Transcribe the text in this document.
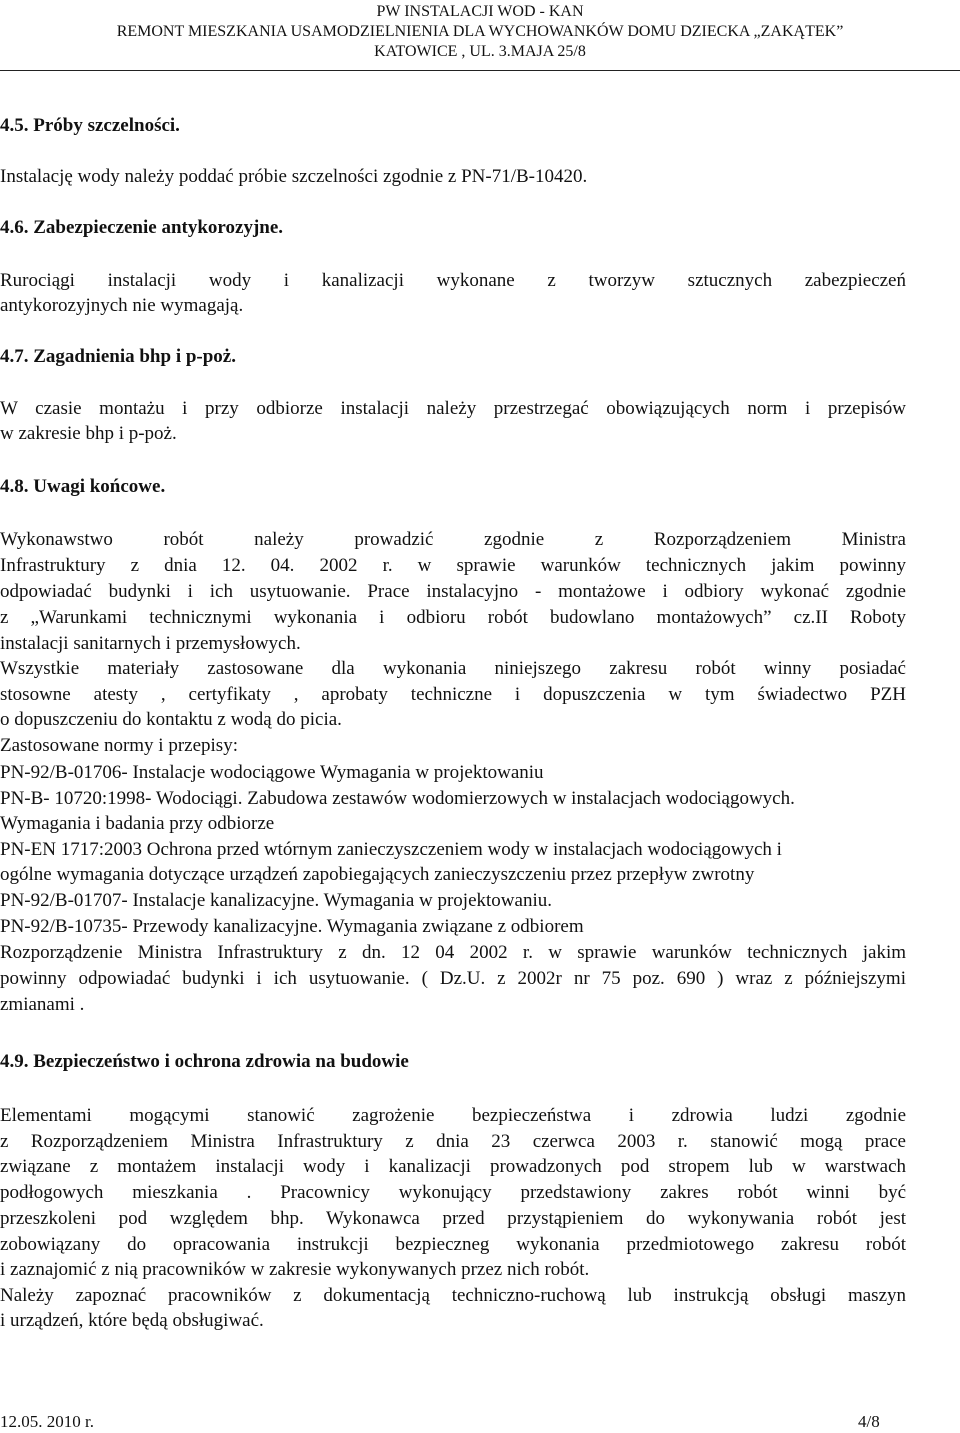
PW INSTALACJI WOD - KAN
REMONT MIESZKANIA USAMODZIELNIENIA DLA WYCHOWANKÓW DOMU DZIECKA „ZAKĄTEK”
KATOWICE , UL. 3.MAJA 25/8
4.5. Próby szczelności.
Instalację wody należy poddać próbie szczelności zgodnie z PN-71/B-10420.
4.6. Zabezpieczenie antykorozyjne.
Rurociągi instalacji wody i kanalizacji wykonane z tworzyw sztucznych zabezpieczeń
antykorozyjnych nie wymagają.
4.7. Zagadnienia bhp i p-poż.
W czasie montażu i przy odbiorze instalacji należy przestrzegać obowiązujących norm i przepisów
w zakresie bhp i p-poż.
4.8. Uwagi końcowe.
Wykonawstwo robót należy prowadzić zgodnie z Rozporządzeniem Ministra
Infrastruktury z dnia 12. 04. 2002 r. w sprawie warunków technicznych jakim powinny
odpowiadać budynki i ich usytuowanie. Prace instalacyjno - montażowe i odbiory wykonać zgodnie
z „Warunkami technicznymi wykonania i odbioru robót budowlano montażowych” cz.II Roboty
instalacji sanitarnych i przemysłowych.
Wszystkie materiały zastosowane dla wykonania niniejszego zakresu robót winny posiadać
stosowne atesty , certyfikaty , aprobaty techniczne i dopuszczenia w tym świadectwo PZH
o dopuszczeniu do kontaktu z wodą do picia.
Zastosowane normy i przepisy:
PN-92/B-01706- Instalacje wodociągowe Wymagania w projektowaniu
PN-B- 10720:1998- Wodociągi. Zabudowa zestawów wodomierzowych w instalacjach wodociągowych.
Wymagania i badania przy odbiorze
PN-EN 1717:2003 Ochrona przed wtórnym zanieczyszczeniem wody w instalacjach wodociągowych i
ogólne wymagania dotyczące urządzeń zapobiegających zanieczyszczeniu przez przepływ zwrotny
PN-92/B-01707- Instalacje kanalizacyjne. Wymagania w projektowaniu.
PN-92/B-10735- Przewody kanalizacyjne. Wymagania związane z odbiorem
Rozporządzenie Ministra Infrastruktury z dn. 12 04 2002 r. w sprawie warunków technicznych jakim
powinny odpowiadać budynki i ich usytuowanie. ( Dz.U. z 2002r nr 75 poz. 690 ) wraz z późniejszymi
zmianami .
4.9. Bezpieczeństwo i ochrona zdrowia na budowie
Elementami mogącymi stanowić zagrożenie bezpieczeństwa i zdrowia ludzi zgodnie
z Rozporządzeniem Ministra Infrastruktury z dnia 23 czerwca 2003 r. stanowić mogą prace
związane z montażem instalacji wody i kanalizacji prowadzonych pod stropem lub w warstwach
podłogowych mieszkania . Pracownicy wykonujący przedstawiony zakres robót winni być
przeszkoleni pod względem bhp. Wykonawca przed przystąpieniem do wykonywania robót jest
zobowiązany do opracowania instrukcji bezpieczneg wykonania przedmiotowego zakresu robót
i zaznajomić z nią pracowników w zakresie wykonywanych przez nich robót.
Należy zapoznać pracowników z dokumentacją techniczno-ruchową lub instrukcją obsługi maszyn
i urządzeń, które będą obsługiwać.
12.05. 2010 r.	4/8
